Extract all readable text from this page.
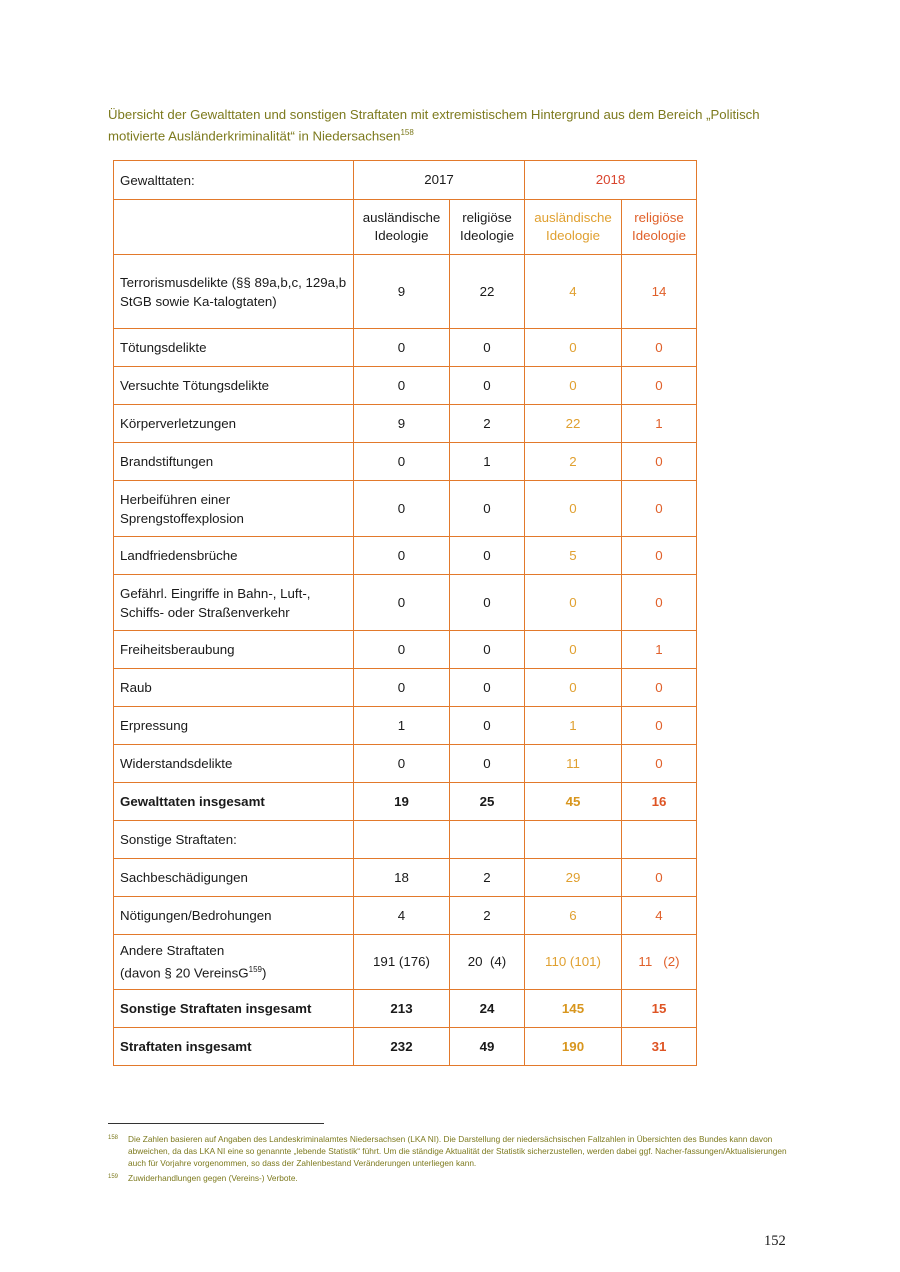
Übersicht der Gewalttaten und sonstigen Straftaten mit extremistischem Hintergrund aus dem Bereich „Politisch motivierte Ausländerkriminalität“ in Niedersachsen$^{158}$
Gewalttaten:	2017		2018	
	ausländische Ideologie	religiöse Ideologie	ausländische Ideologie	religiöse Ideologie
Terrorismusdelikte (§§ 89a,b,c, 129a,b StGB sowie Ka-talogtaten)	9	22	4	14
Tötungsdelikte	0	0	0	0
Versuchte Tötungsdelikte	0	0	0	0
Körperverletzungen	9	2	22	1
Brandstiftungen	0	1	2	0
Herbeiführen einer Sprengstoffexplosion	0	0	0	0
Landfriedensbrüche	0	0	5	0
Gefährl. Eingriffe in Bahn-, Luft-, Schiffs- oder Straßenverkehr	0	0	0	0
Freiheitsberaubung	0	0	0	1
Raub	0	0	0	0
Erpressung	1	0	1	0
Widerstandsdelikte	0	0	11	0
Gewalttaten insgesamt	19	25	45	16
Sonstige Straftaten:				
Sachbeschädigungen	18	2	29	0
Nötigungen/Bedrohungen	4	2	6	4
Andere Straftaten
(davon § 20 VereinsG$^{159}$)	191 (176)	20  (4)	110 (101)	11   (2)
Sonstige Straftaten insgesamt	213	24	145	15
Straftaten insgesamt	232	49	190	31
158	Die Zahlen basieren auf Angaben des Landeskriminalamtes Niedersachsen (LKA NI). Die Darstellung der niedersächsischen Fallzahlen in Übersichten des Bundes kann davon abweichen, da das LKA NI eine so genannte „lebende Statistik“ führt. Um die ständige Aktualität der Statistik sicherzustellen, werden dabei ggf. Nacher-fassungen/Aktualisierungen auch für Vorjahre vorgenommen, so dass der Zahlenbestand Veränderungen unterliegen kann.
159	Zuwiderhandlungen gegen (Vereins-) Verbote.
152
